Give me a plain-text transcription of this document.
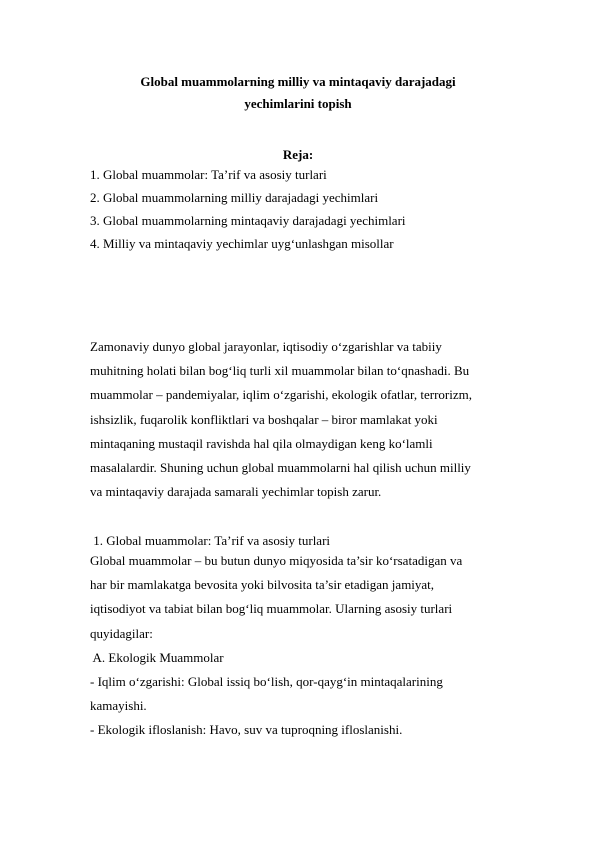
Global muammolarning milliy va mintaqaviy darajadagi
yechimlarini topish
Reja:
1. Global muammolar: Ta’rif va asosiy turlari
2. Global muammolarning milliy darajadagi yechimlari
3. Global muammolarning mintaqaviy darajadagi yechimlari
4. Milliy va mintaqaviy yechimlar uyg‘unlashgan misollar
Zamonaviy dunyo global jarayonlar, iqtisodiy o‘zgarishlar va tabiiy
muhitning holati bilan bog‘liq turli xil muammolar bilan to‘qnashadi. Bu
muammolar – pandemiyalar, iqlim o‘zgarishi, ekologik ofatlar, terrorizm,
ishsizlik, fuqarolik konfliktlari va boshqalar – biror mamlakat yoki
mintaqaning mustaqil ravishda hal qila olmaydigan keng ko‘lamli
masalalardir. Shuning uchun global muammolarni hal qilish uchun milliy
va mintaqaviy darajada samarali yechimlar topish zarur.
1. Global muammolar: Ta’rif va asosiy turlari
Global muammolar – bu butun dunyo miqyosida ta’sir ko‘rsatadigan va
har bir mamlakatga bevosita yoki bilvosita ta’sir etadigan jamiyat,
iqtisodiyot va tabiat bilan bog‘liq muammolar. Ularning asosiy turlari
quyidagilar:
A. Ekologik Muammolar
- Iqlim o‘zgarishi: Global issiq bo‘lish, qor-qayg‘in mintaqalarining
kamayishi.
- Ekologik ifloslanish: Havo, suv va tuproqning ifloslanishi.
